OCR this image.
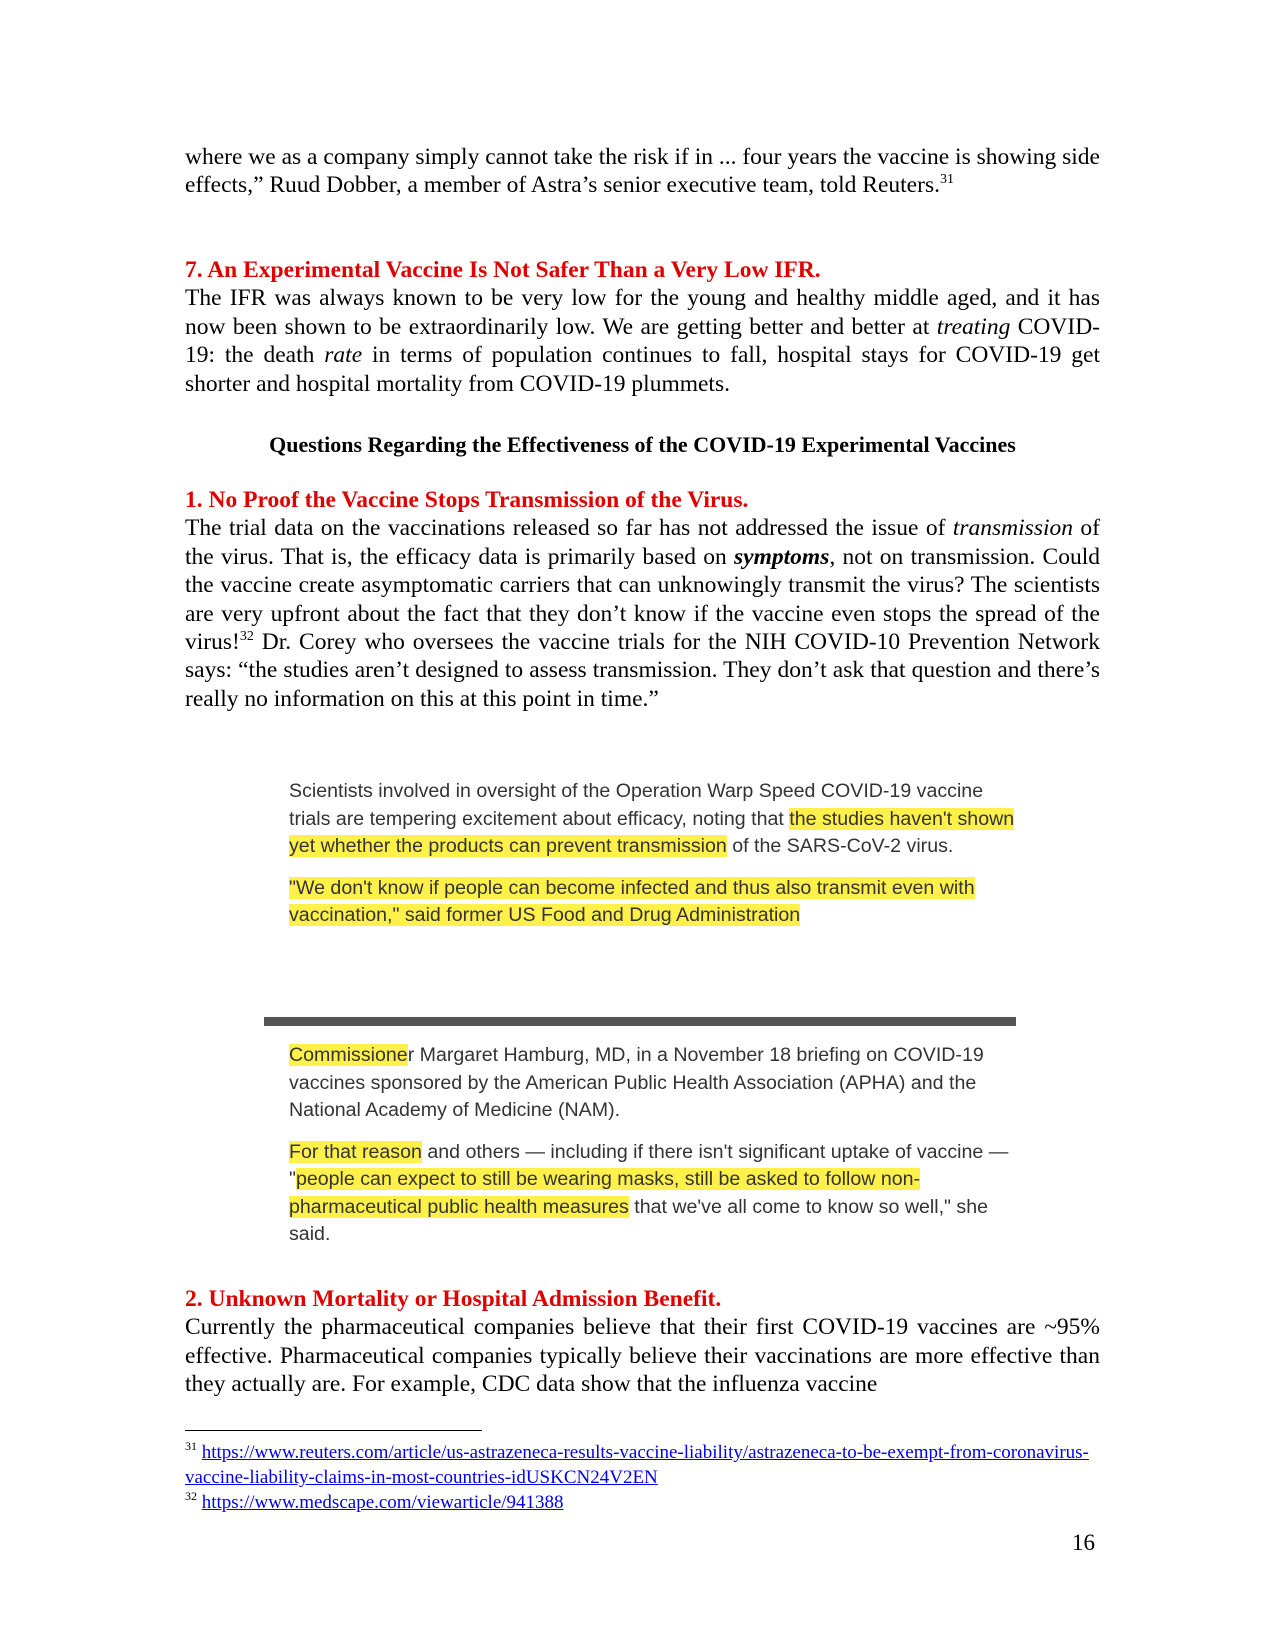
where we as a company simply cannot take the risk if in ... four years the vaccine is showing side effects,” Ruud Dobber, a member of Astra’s senior executive team, told Reuters.$^{31}$

7. An Experimental Vaccine Is Not Safer Than a Very Low IFR.

The IFR was always known to be very low for the young and healthy middle aged, and it has now been shown to be extraordinarily low. We are getting better and better at treating COVID-19: the death rate in terms of population continues to fall, hospital stays for COVID-19 get shorter and hospital mortality from COVID-19 plummets.

Questions Regarding the Effectiveness of the COVID-19 Experimental Vaccines

1. No Proof the Vaccine Stops Transmission of the Virus.

The trial data on the vaccinations released so far has not addressed the issue of transmission of the virus. That is, the efficacy data is primarily based on symptoms, not on transmission. Could the vaccine create asymptomatic carriers that can unknowingly transmit the virus? The scientists are very upfront about the fact that they don’t know if the vaccine even stops the spread of the virus!$^{32}$ Dr. Corey who oversees the vaccine trials for the NIH COVID-10 Prevention Network says: “the studies aren’t designed to assess transmission. They don’t ask that question and there’s really no information on this at this point in time.”

Scientists involved in oversight of the Operation Warp Speed COVID-19 vaccine trials are tempering excitement about efficacy, noting that the studies haven't shown yet whether the products can prevent transmission of the SARS-CoV-2 virus.

"We don't know if people can become infected and thus also transmit even with vaccination," said former US Food and Drug Administration

Commissioner Margaret Hamburg, MD, in a November 18 briefing on COVID-19 vaccines sponsored by the American Public Health Association (APHA) and the National Academy of Medicine (NAM).

For that reason and others — including if there isn't significant uptake of vaccine — "people can expect to still be wearing masks, still be asked to follow non-pharmaceutical public health measures that we've all come to know so well," she said.

2. Unknown Mortality or Hospital Admission Benefit.

Currently the pharmaceutical companies believe that their first COVID-19 vaccines are ~95% effective. Pharmaceutical companies typically believe their vaccinations are more effective than they actually are. For example, CDC data show that the influenza vaccine

$^{31}$ https://www.reuters.com/article/us-astrazeneca-results-vaccine-liability/astrazeneca-to-be-exempt-from-coronavirus-vaccine-liability-claims-in-most-countries-idUSKCN24V2EN

$^{32}$ https://www.medscape.com/viewarticle/941388

16
